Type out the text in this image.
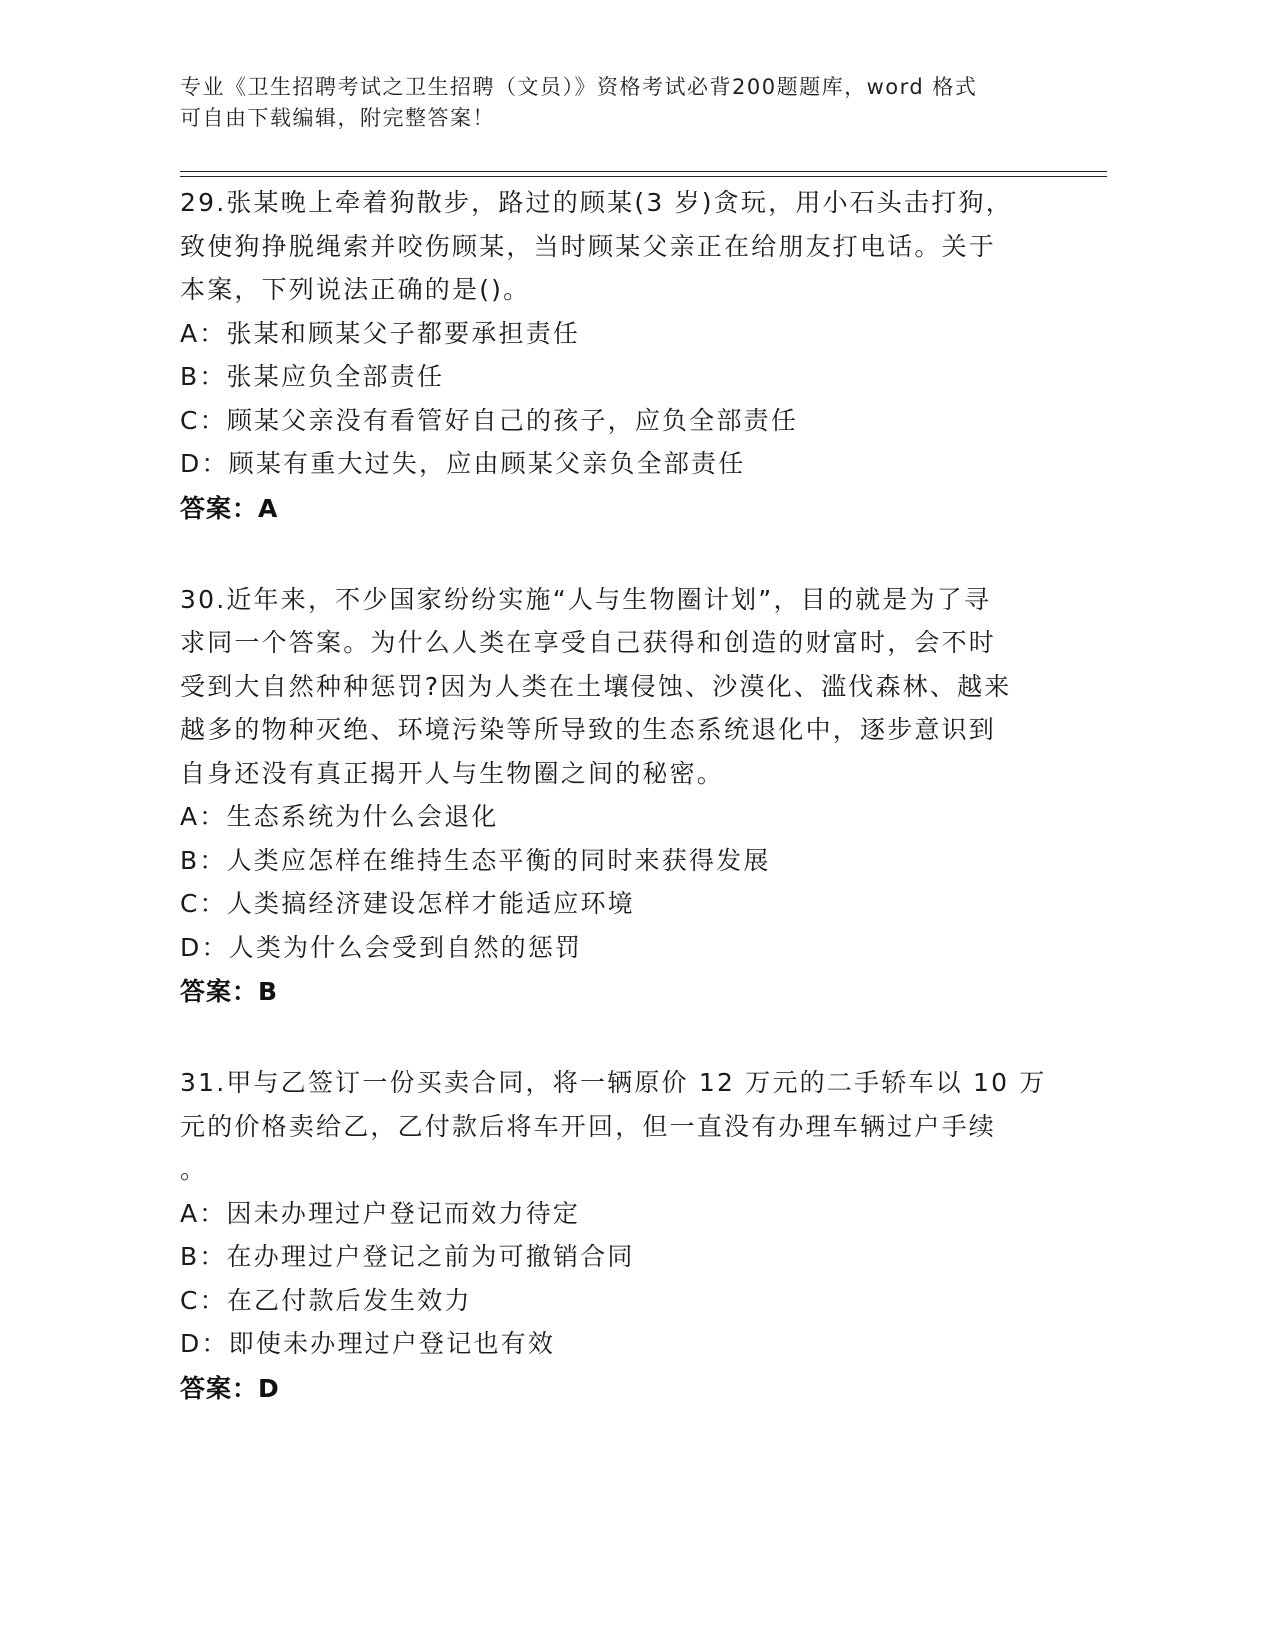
专业《卫生招聘考试之卫生招聘（文员）》资格考试必背200题题库，word 格式
可自由下载编辑，附完整答案！
29.张某晚上牵着狗散步，路过的顾某(3 岁)贪玩，用小石头击打狗，
致使狗挣脱绳索并咬伤顾某，当时顾某父亲正在给朋友打电话。关于
本案，下列说法正确的是()。
A：张某和顾某父子都要承担责任
B：张某应负全部责任
C：顾某父亲没有看管好自己的孩子，应负全部责任
D：顾某有重大过失，应由顾某父亲负全部责任
答案：A
30.近年来，不少国家纷纷实施“人与生物圈计划”，目的就是为了寻
求同一个答案。为什么人类在享受自己获得和创造的财富时，会不时
受到大自然种种惩罚?因为人类在土壤侵蚀、沙漠化、滥伐森林、越来
越多的物种灭绝、环境污染等所导致的生态系统退化中，逐步意识到
自身还没有真正揭开人与生物圈之间的秘密。
A：生态系统为什么会退化
B：人类应怎样在维持生态平衡的同时来获得发展
C：人类搞经济建设怎样才能适应环境
D：人类为什么会受到自然的惩罚
答案：B
31.甲与乙签订一份买卖合同，将一辆原价 12 万元的二手轿车以 10 万
元的价格卖给乙，乙付款后将车开回，但一直没有办理车辆过户手续
。
A：因未办理过户登记而效力待定
B：在办理过户登记之前为可撤销合同
C：在乙付款后发生效力
D：即使未办理过户登记也有效
答案：D
